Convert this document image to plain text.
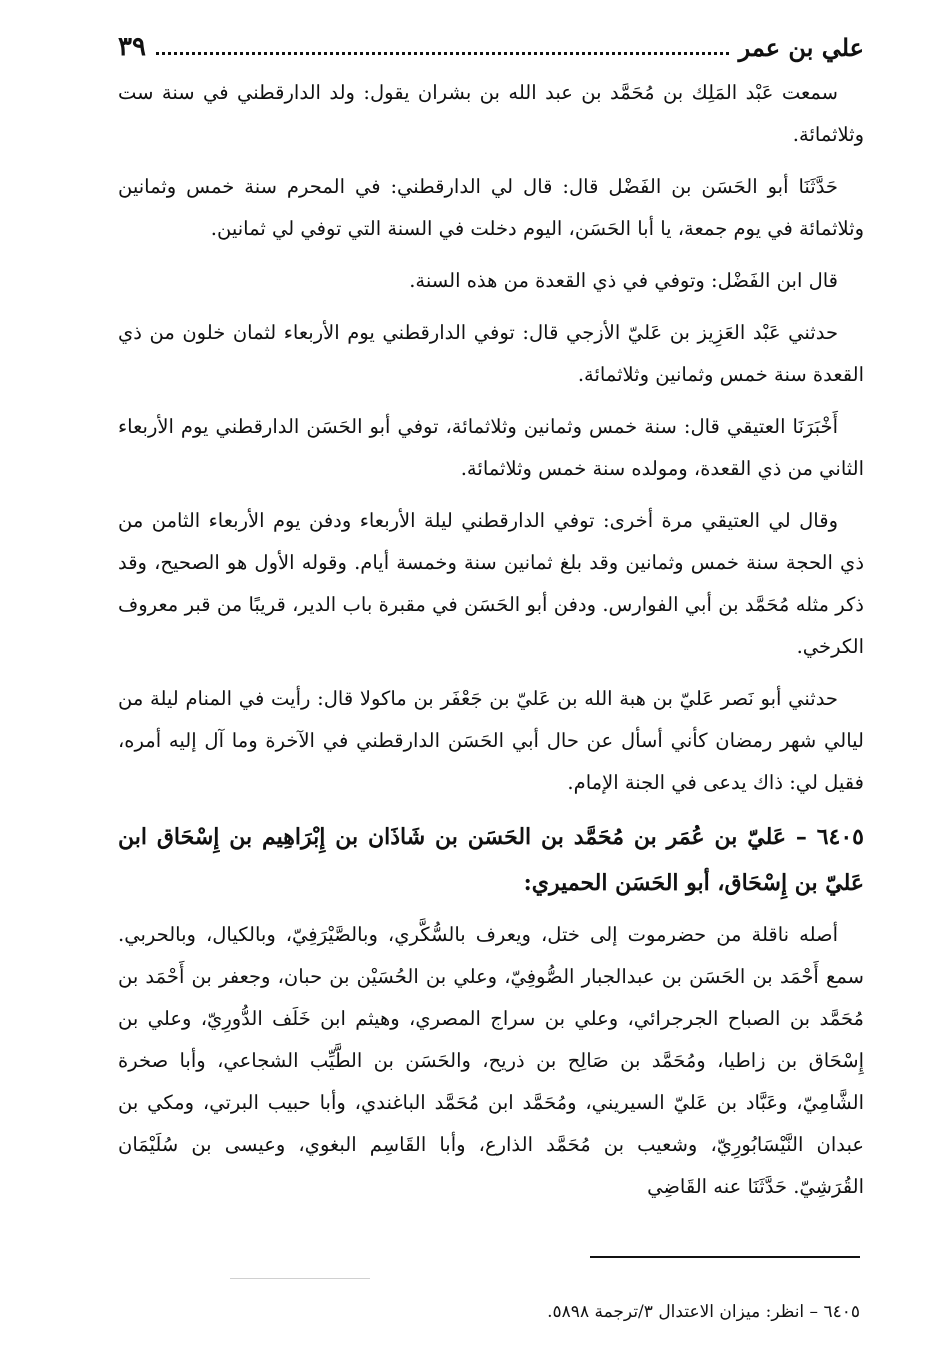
علي بن عمر
٣٩

سمعت عَبْد المَلِك بن مُحَمَّد بن عبد الله بن بشران يقول: ولد الدارقطني في سنة ست وثلاثمائة.

حَدَّثَنَا أبو الحَسَن بن الفَضْل قال: قال لي الدارقطني: في المحرم سنة خمس وثمانين وثلاثمائة في يوم جمعة، يا أبا الحَسَن، اليوم دخلت في السنة التي توفي لي ثمانين.

قال ابن الفَضْل: وتوفي في ذي القعدة من هذه السنة.

حدثني عَبْد العَزِيز بن عَليّ الأزجي قال: توفي الدارقطني يوم الأربعاء لثمان خلون من ذي القعدة سنة خمس وثمانين وثلاثمائة.

أَخْبَرَنَا العتيقي قال: سنة خمس وثمانين وثلاثمائة، توفي أبو الحَسَن الدارقطني يوم الأربعاء الثاني من ذي القعدة، ومولده سنة خمس وثلاثمائة.

وقال لي العتيقي مرة أخرى: توفي الدارقطني ليلة الأربعاء ودفن يوم الأربعاء الثامن من ذي الحجة سنة خمس وثمانين وقد بلغ ثمانين سنة وخمسة أيام. وقوله الأول هو الصحيح، وقد ذكر مثله مُحَمَّد بن أبي الفوارس. ودفن أبو الحَسَن في مقبرة باب الدير، قريبًا من قبر معروف الكرخي.

حدثني أبو نَصر عَليّ بن هبة الله بن عَليّ بن جَعْفَر بن ماكولا قال: رأيت في المنام ليلة من ليالي شهر رمضان كأني أسأل عن حال أبي الحَسَن الدارقطني في الآخرة وما آل إليه أمره، فقيل لي: ذاك يدعى في الجنة الإمام.

٦٤٠٥ – عَليّ بن عُمَر بن مُحَمَّد بن الحَسَن بن شَاذَان بن إِبْرَاهِيم بن إِسْحَاق ابن عَليّ بن إِسْحَاق، أبو الحَسَن الحميري:

أصله ناقلة من حضرموت إلى ختل، ويعرف بالسُّكَّري، وبالصَّيْرَفِيّ، وبالكيال، وبالحربي. سمع أَحْمَد بن الحَسَن بن عبدالجبار الصُّوفِيّ، وعلي بن الحُسَيْن بن حبان، وجعفر بن أَحْمَد بن مُحَمَّد بن الصباح الجرجرائي، وعلي بن سراج المصري، وهيثم ابن خَلَف الدُّورِيّ، وعلي بن إِسْحَاق بن زاطيا، ومُحَمَّد بن صَالِح بن ذريح، والحَسَن بن الطَّيِّب الشجاعي، وأبا صخرة الشَّامِيّ، وعَبَّاد بن عَليّ السيريني، ومُحَمَّد ابن مُحَمَّد الباغندي، وأبا حبيب البرتي، ومكي بن عبدان النَّيْسَابُورِيّ، وشعيب بن مُحَمَّد الذارع، وأبا القَاسِم البغوي، وعيسى بن سُلَيْمَان القُرَشِيّ. حَدَّثَنَا عنه القَاضِي

٦٤٠٥ – انظر: ميزان الاعتدال ٣/ترجمة ٥٨٩٨.
